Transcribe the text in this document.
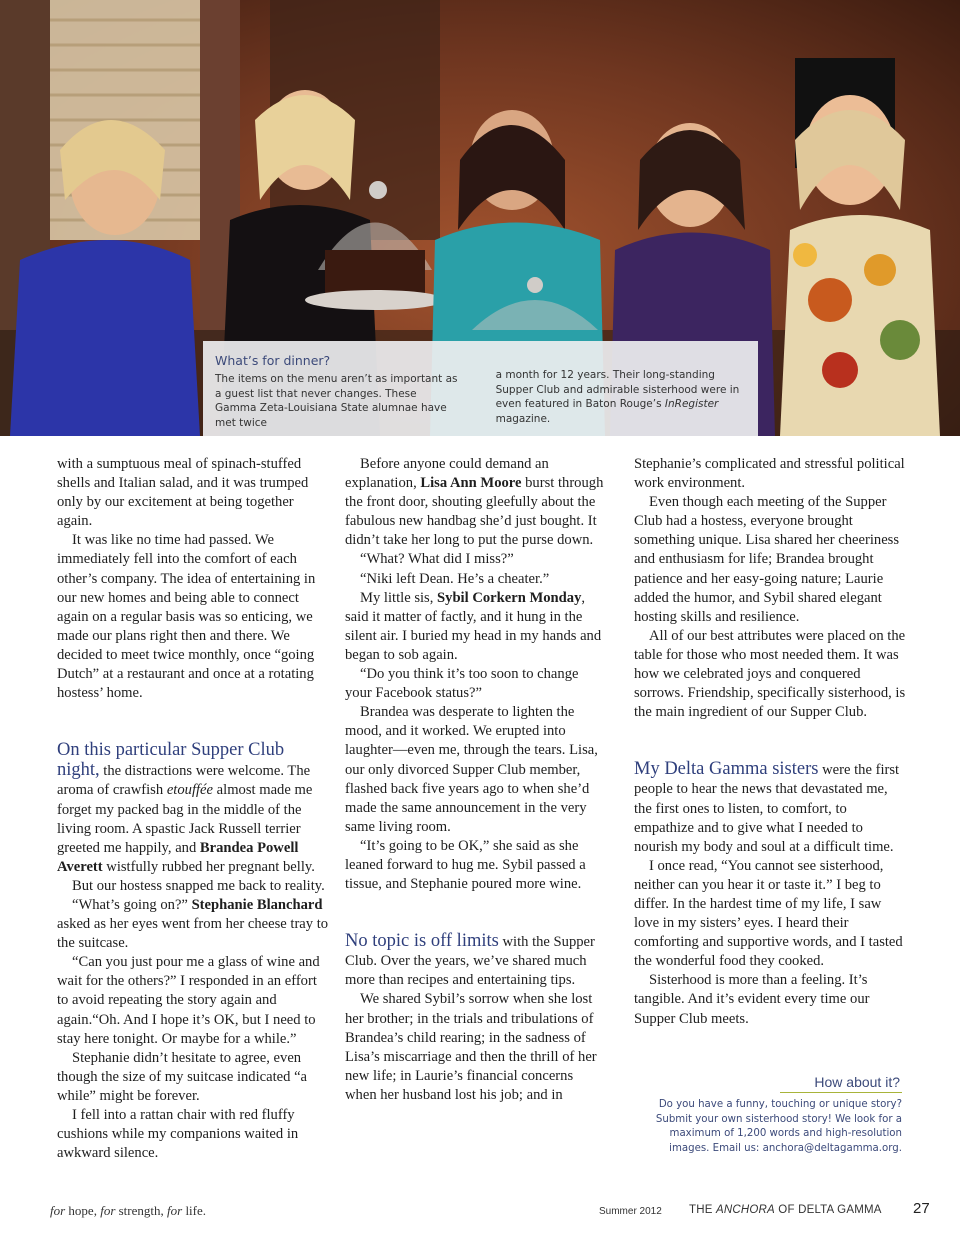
What’s for dinner?
The items on the menu aren’t as important as a guest list that never changes. These Gamma Zeta-Louisiana State alumnae have met twice
a month for 12 years. Their long-standing Supper Club and admirable sisterhood were in even featured in Baton Rouge’s InRegister magazine.

with a sumptuous meal of spinach-stuffed shells and Italian salad, and it was trumped only by our excitement at being together again.

It was like no time had passed. We immediately fell into the comfort of each other’s company. The idea of entertaining in our new homes and being able to connect again on a regular basis was so enticing, we made our plans right then and there. We decided to meet twice monthly, once “going Dutch” at a restaurant and once at a rotating hostess’ home.

On this particular Supper Club night, the distractions were welcome. The aroma of crawfish etouffée almost made me forget my packed bag in the middle of the living room. A spastic Jack Russell terrier greeted me happily, and Brandea Powell Averett wistfully rubbed her pregnant belly.

But our hostess snapped me back to reality.

“What’s going on?” Stephanie Blanchard asked as her eyes went from her cheese tray to the suitcase.

“Can you just pour me a glass of wine and wait for the others?” I responded in an effort to avoid repeating the story again and again.“Oh. And I hope it’s OK, but I need to stay here tonight. Or maybe for a while.”

Stephanie didn’t hesitate to agree, even though the size of my suitcase indicated “a while” might be forever.

I fell into a rattan chair with red fluffy cushions while my companions waited in awkward silence.

Before anyone could demand an explanation, Lisa Ann Moore burst through the front door, shouting gleefully about the fabulous new handbag she’d just bought. It didn’t take her long to put the purse down.

“What? What did I miss?”

“Niki left Dean. He’s a cheater.”

My little sis, Sybil Corkern Monday, said it matter of factly, and it hung in the silent air. I buried my head in my hands and began to sob again.

“Do you think it’s too soon to change your Facebook status?”

Brandea was desperate to lighten the mood, and it worked. We erupted into laughter—even me, through the tears. Lisa, our only divorced Supper Club member, flashed back five years ago to when she’d made the same announcement in the very same living room.

“It’s going to be OK,” she said as she leaned forward to hug me. Sybil passed a tissue, and Stephanie poured more wine.

No topic is off limits with the Supper Club. Over the years, we’ve shared much more than recipes and entertaining tips.

We shared Sybil’s sorrow when she lost her brother; in the trials and tribulations of Brandea’s child rearing; in the sadness of Lisa’s miscarriage and then the thrill of her new life; in Laurie’s financial concerns when her husband lost his job; and in

Stephanie’s complicated and stressful political work environment.

Even though each meeting of the Supper Club had a hostess, everyone brought something unique. Lisa shared her cheeriness and enthusiasm for life; Brandea brought patience and her easy-going nature; Laurie added the humor, and Sybil shared elegant hosting skills and resilience.

All of our best attributes were placed on the table for those who most needed them. It was how we celebrated joys and conquered sorrows. Friendship, specifically sisterhood, is the main ingredient of our Supper Club.

My Delta Gamma sisters were the first people to hear the news that devastated me, the first ones to listen, to comfort, to empathize and to give what I needed to nourish my body and soul at a difficult time.

I once read, “You cannot see sisterhood, neither can you hear it or taste it.” I beg to differ. In the hardest time of my life, I saw love in my sisters’ eyes. I heard their comforting and supportive words, and I tasted the wonderful food they cooked.

Sisterhood is more than a feeling. It’s tangible. And it’s evident every time our Supper Club meets.

How about it?
Do you have a funny, touching or unique story? Submit your own sisterhood story! We look for a maximum of 1,200 words and high-resolution images. Email us: anchora@deltagamma.org.
for hope, for strength, for life.	Summer 2012 THE ANCHORA OF DELTA GAMMA 27
